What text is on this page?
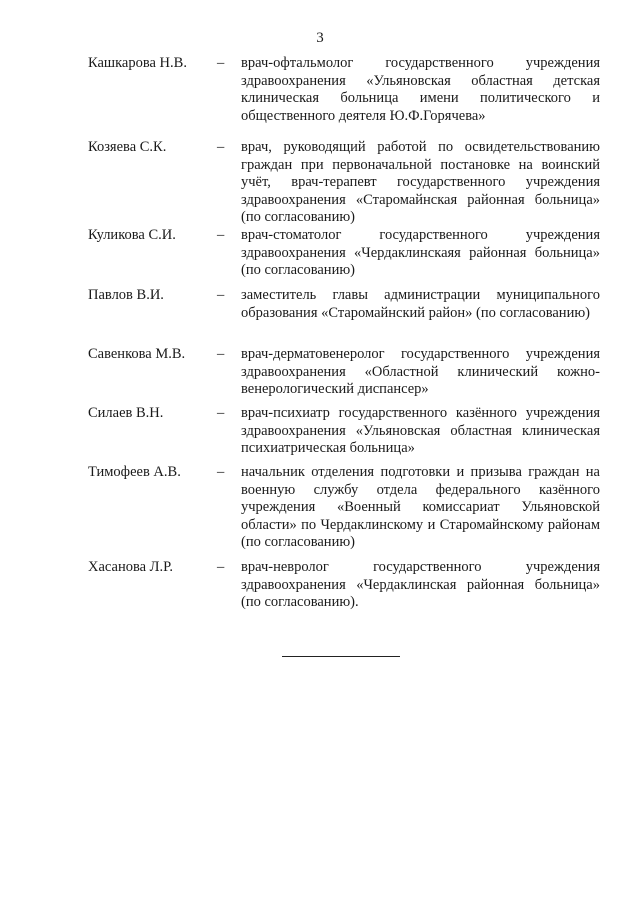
3
Кашкарова Н.В.	–	врач-офтальмолог государственного учреждения здравоохранения «Ульяновская областная детская клиническая больница имени политического и общественного деятеля Ю.Ф.Горячева»
Козяева С.К.	–	врач, руководящий работой по освидетельствованию граждан при первоначальной постановке на воинский учёт, врач-терапевт государственного учреждения здравоохранения «Старомайнская районная больница» (по согласованию)
Куликова С.И.	–	врач-стоматолог государственного учреждения здравоохранения «Чердаклинскаяя районная больница» (по согласованию)
Павлов В.И.	–	заместитель главы администрации муниципального образования «Старомайнский район» (по согласованию)
Савенкова М.В.	–	врач-дерматовенеролог государственного учреждения здравоохранения «Областной клинический кожно-венерологический диспансер»
Силаев В.Н.	–	врач-психиатр государственного казённого учреждения здравоохранения «Ульяновская областная клиническая психиатрическая больница»
Тимофеев А.В.	–	начальник отделения подготовки и призыва граждан на военную службу отдела федерального казённого учреждения «Военный комиссариат Ульяновской области» по Чердаклинскому и Старомайнскому районам (по согласованию)
Хасанова Л.Р.	–	врач-невролог государственного учреждения здравоохранения «Чердаклинская районная больница» (по согласованию).
